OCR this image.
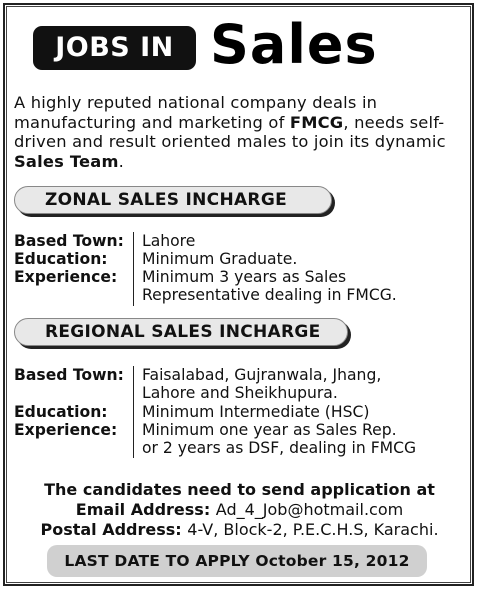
JOBS IN Sales
A highly reputed national company deals in
manufacturing and marketing of FMCG, needs self-
driven and result oriented males to join its dynamic
Sales Team.
ZONAL SALES INCHARGE
Based Town:	Lahore
Education:	Minimum Graduate.
Experience:	Minimum 3 years as Sales
Representative dealing in FMCG.
REGIONAL SALES INCHARGE
Based Town:	Faisalabad, Gujranwala, Jhang,
Lahore and Sheikhupura.
Education:	Minimum Intermediate (HSC)
Experience:	Minimum one year as Sales Rep.
or 2 years as DSF, dealing in FMCG
The candidates need to send application at
Email Address: Ad_4_Job@hotmail.com
Postal Address: 4-V, Block-2, P.E.C.H.S, Karachi.
LAST DATE TO APPLY October 15, 2012
